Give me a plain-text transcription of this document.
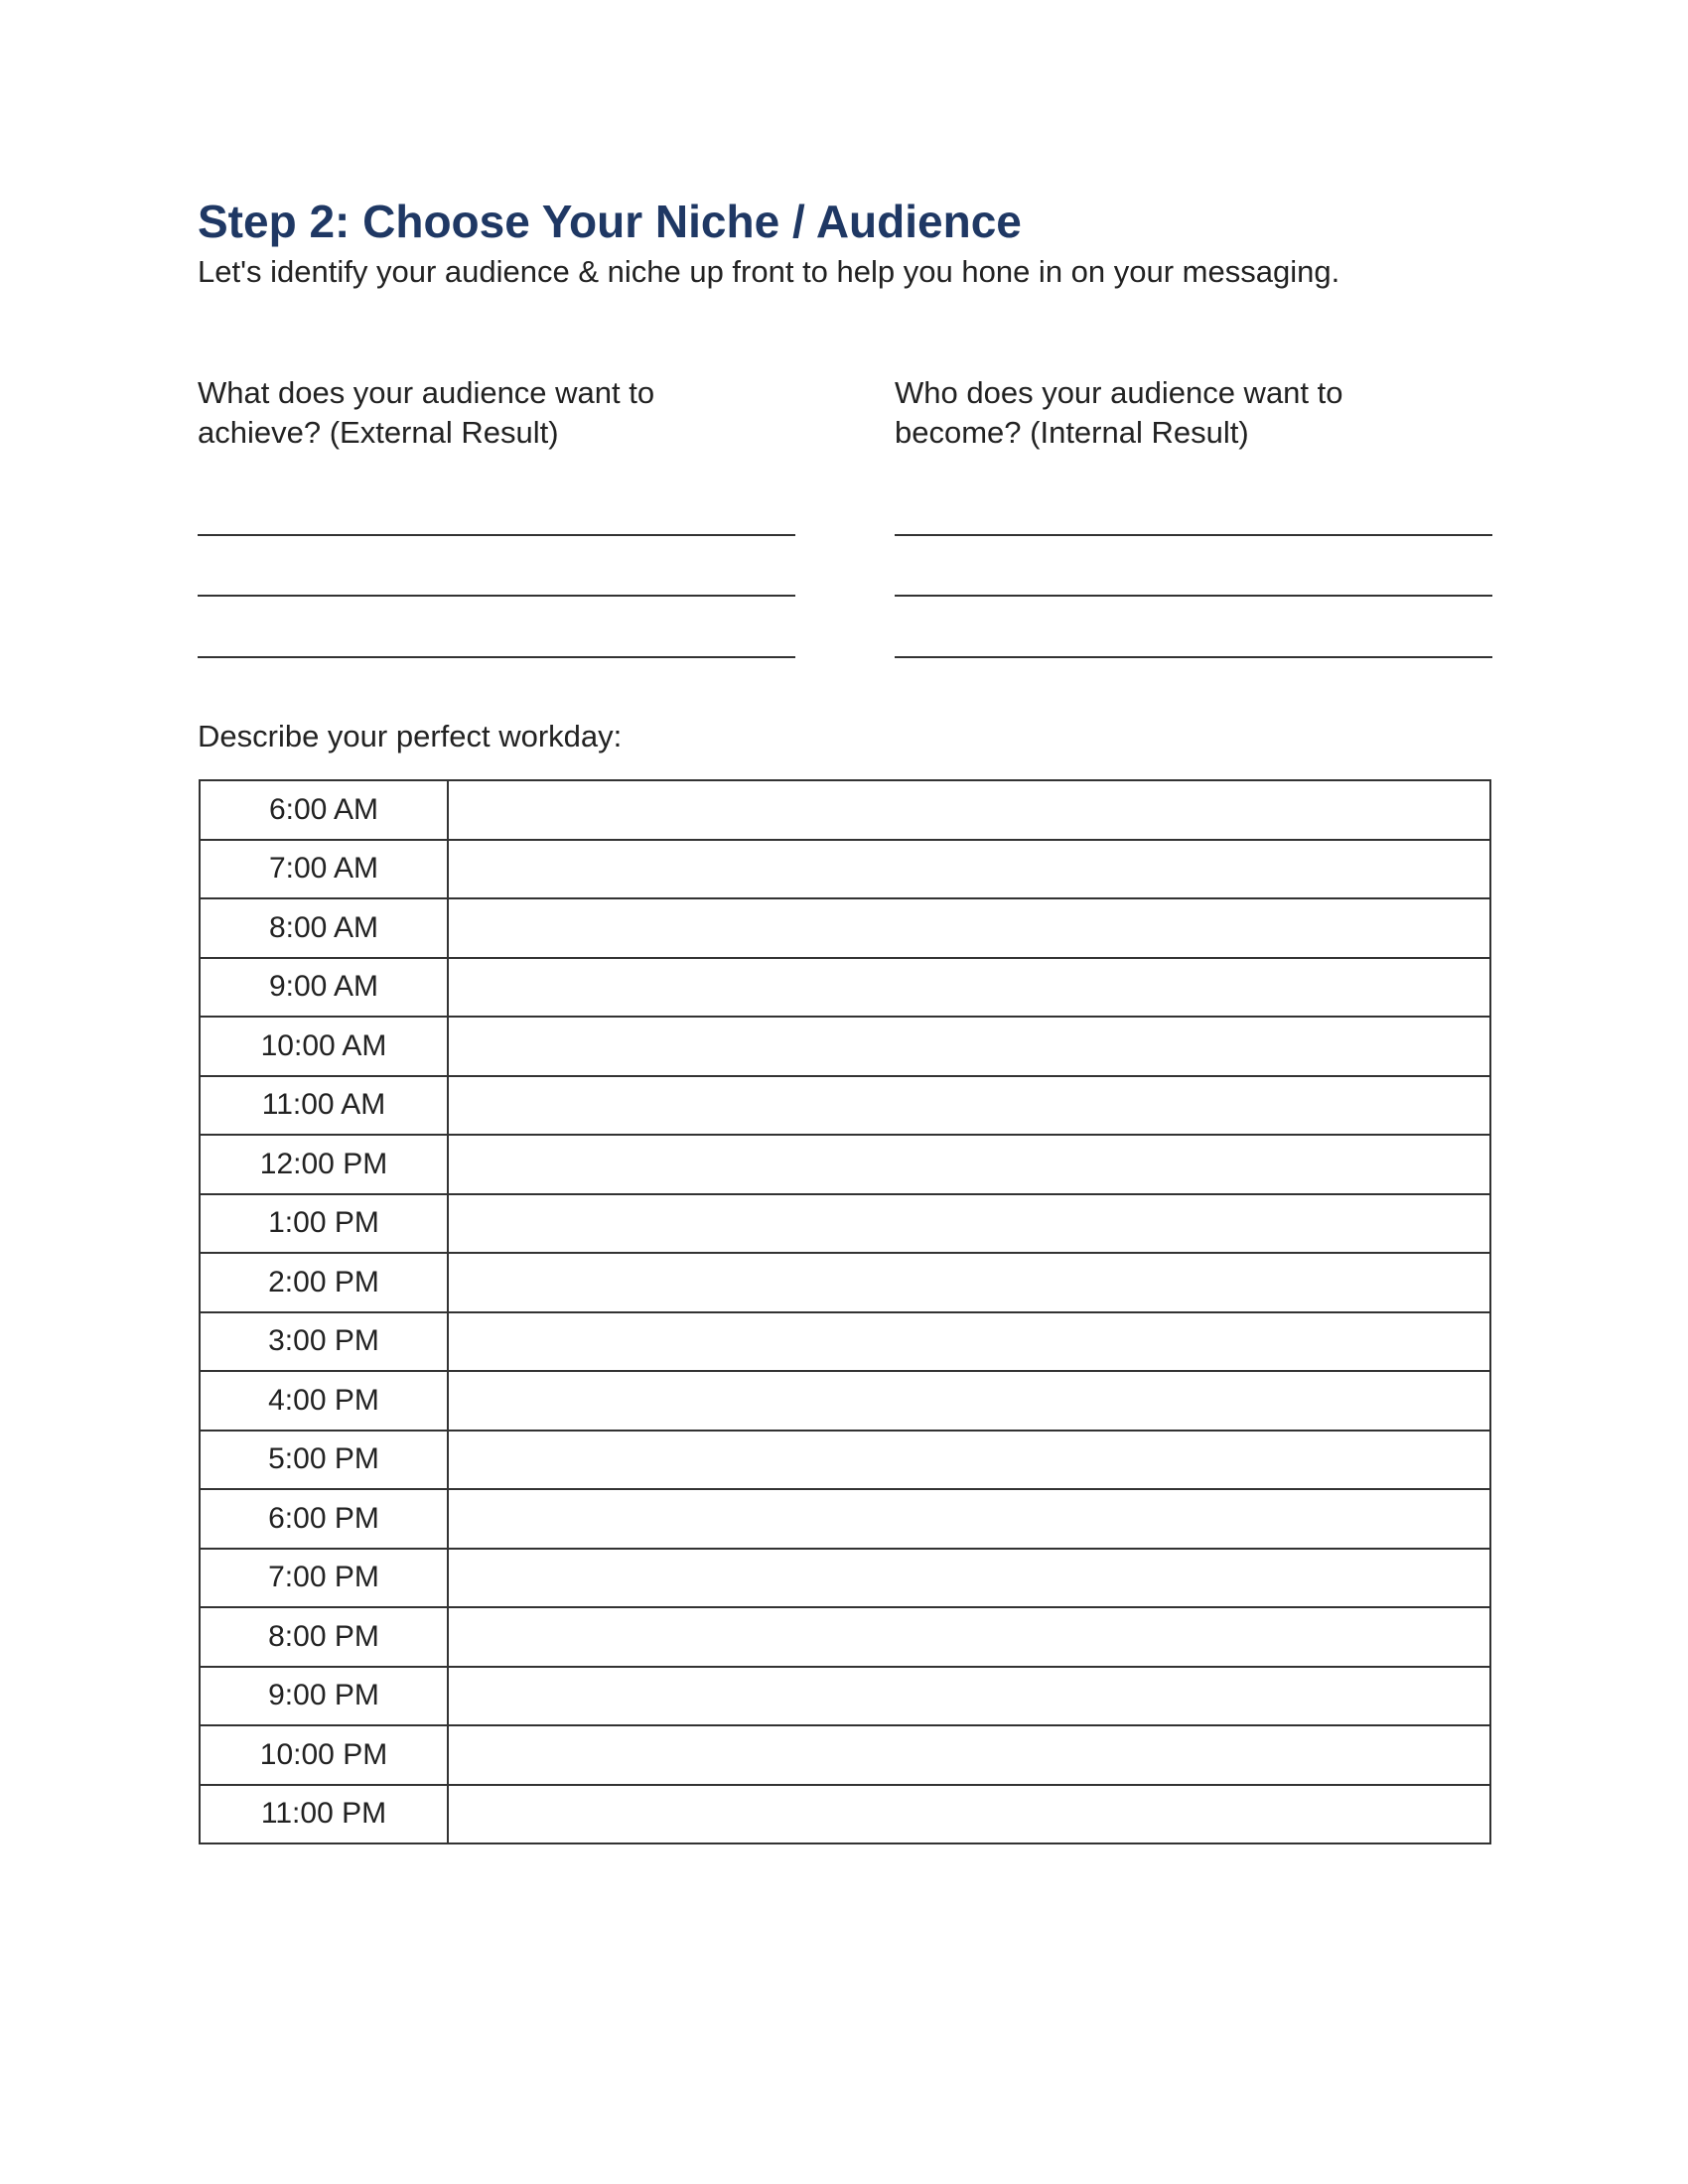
Step 2: Choose Your Niche / Audience

Let's identify your audience & niche up front to help you hone in on your messaging.

What does your audience want to achieve? (External Result)

Who does your audience want to become? (Internal Result)

Describe your perfect workday:

6:00 AM	
7:00 AM	
8:00 AM	
9:00 AM	
10:00 AM	
11:00 AM	
12:00 PM	
1:00 PM	
2:00 PM	
3:00 PM	
4:00 PM	
5:00 PM	
6:00 PM	
7:00 PM	
8:00 PM	
9:00 PM	
10:00 PM	
11:00 PM	
